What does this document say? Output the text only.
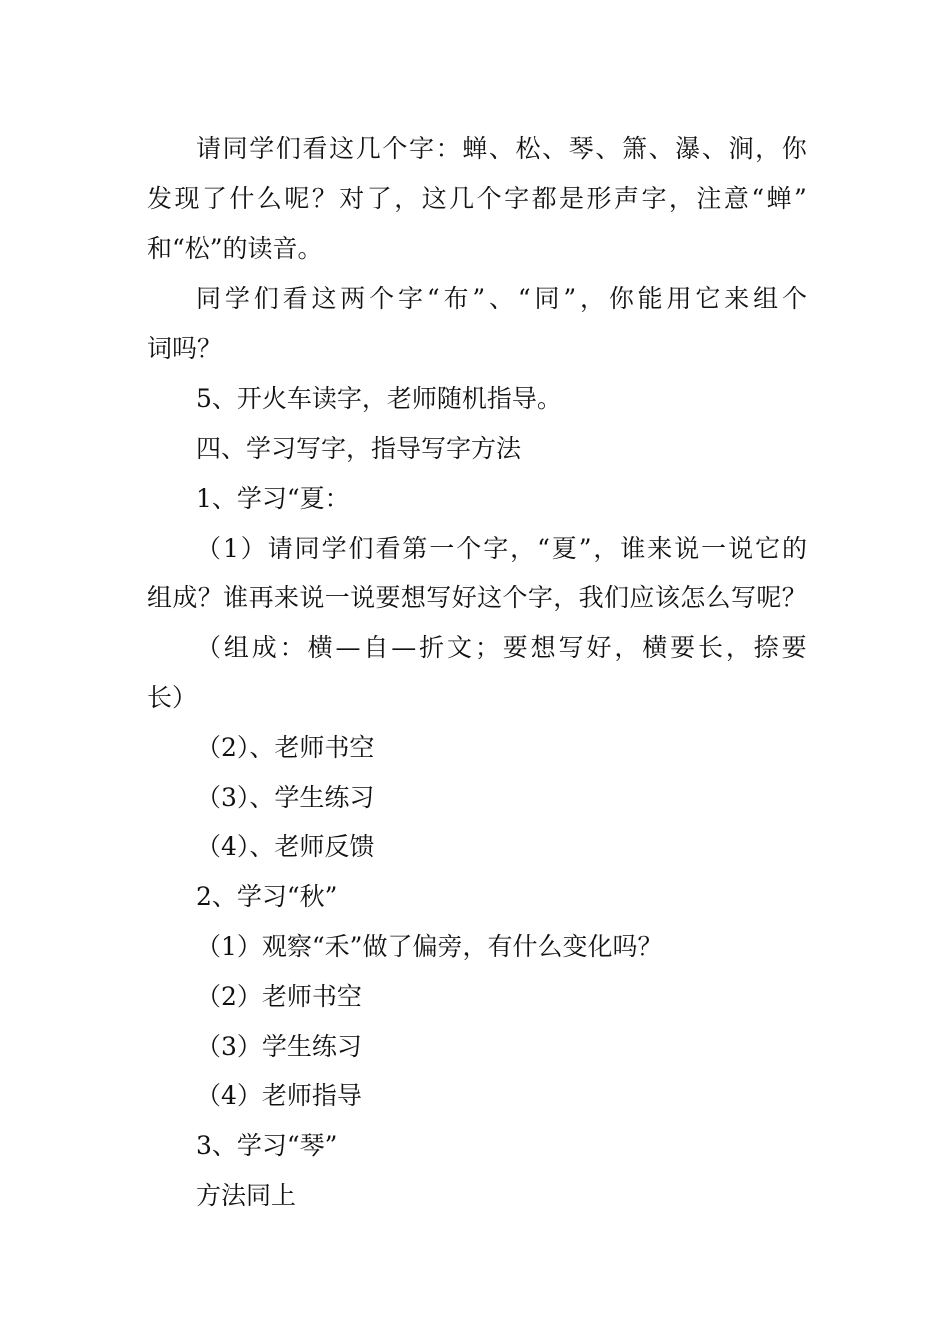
请 同 学 们 看 这 几 个 字 ： 蝉 、 松 、 琴 、 箫 、 瀑 、 涧 ， 你
发 现 了 什 么 呢 ？ 对 了 ， 这 几 个 字 都 是 形 声 字 ， 注 意 “ 蝉 ”
和“松”的读音。
同 学 们 看 这 两 个 字 “ 布 ” 、 “ 同 ” ， 你 能 用 它 来 组 个
词吗？
5、开火车读字，老师随机指导。
四、学习写字，指导写字方法
1、学习“夏：
（ 1 ） 请 同 学 们 看 第 一 个 字 ， “ 夏 ” ， 谁 来 说 一 说 它 的
组 成 ？ 谁 再 来 说 一 说 要 想 写 好 这 个 字 ， 我 们 应 该 怎 么 写 呢 ？
（ 组 成 ： 横 — 自 — 折 文 ； 要 想 写 好 ， 横 要 长 ， 捺 要
长）
（2）、老师书空
（3）、学生练习
（4）、老师反馈
2、学习“秋”
（1）观察“禾”做了偏旁，有什么变化吗？
（2）老师书空
（3）学生练习
（4）老师指导
3、学习“琴”
方法同上
